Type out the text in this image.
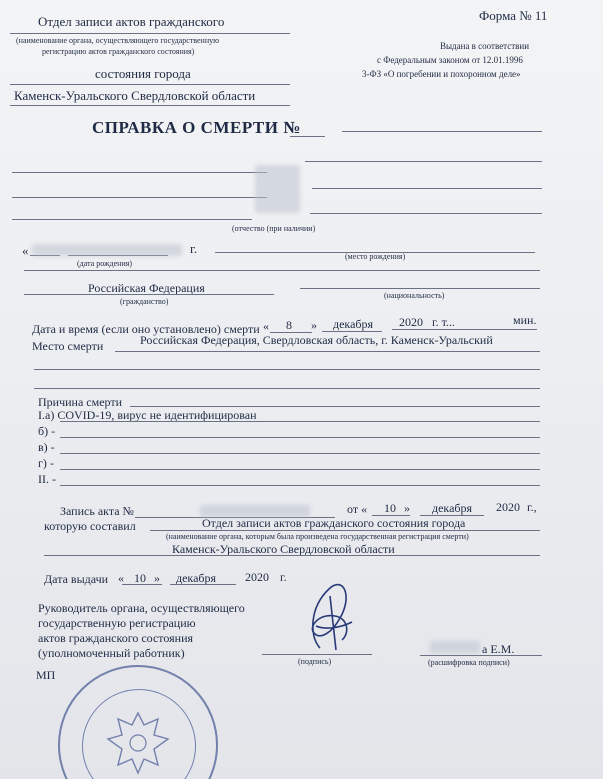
Отдел записи актов гражданского
(наименование органа, осуществляющего государственную
регистрацию актов гражданского состояния)
состояния города
Каменск-Уральского Свердловской области
Форма № 11
Выдана в соответствии
с Федеральным законом от 12.01.1996
3-ФЗ «О погребении и похоронном деле»
СПРАВКА О СМЕРТИ №
(отчество (при наличии)
«	г.
(дата рождения)
(место рождения)
Российская Федерация
(гражданство)
(национальность)
Дата и время (если оно установлено) смерти « 8 » декабря 2020 г. т...	мин.
Место смерти	Российская Федерация, Свердловская область, г. Каменск-Уральский
Причина смерти
I.a) COVID-19, вирус не идентифицирован
б) -
в) -
г) -
II. -
Запись акта №	от « 10 » декабря 2020 г.,
которую составил	Отдел записи актов гражданского состояния города
(наименование органа, которым была произведена государственная регистрация смерти)
Каменск-Уральского Свердловской области
Дата выдачи « 10 » декабря 2020 г.
Руководитель органа, осуществляющего
государственную регистрацию
актов гражданского состояния
(уполномоченный работник)
(подпись)
а Е.М.
(расшифровка подписи)
МП
